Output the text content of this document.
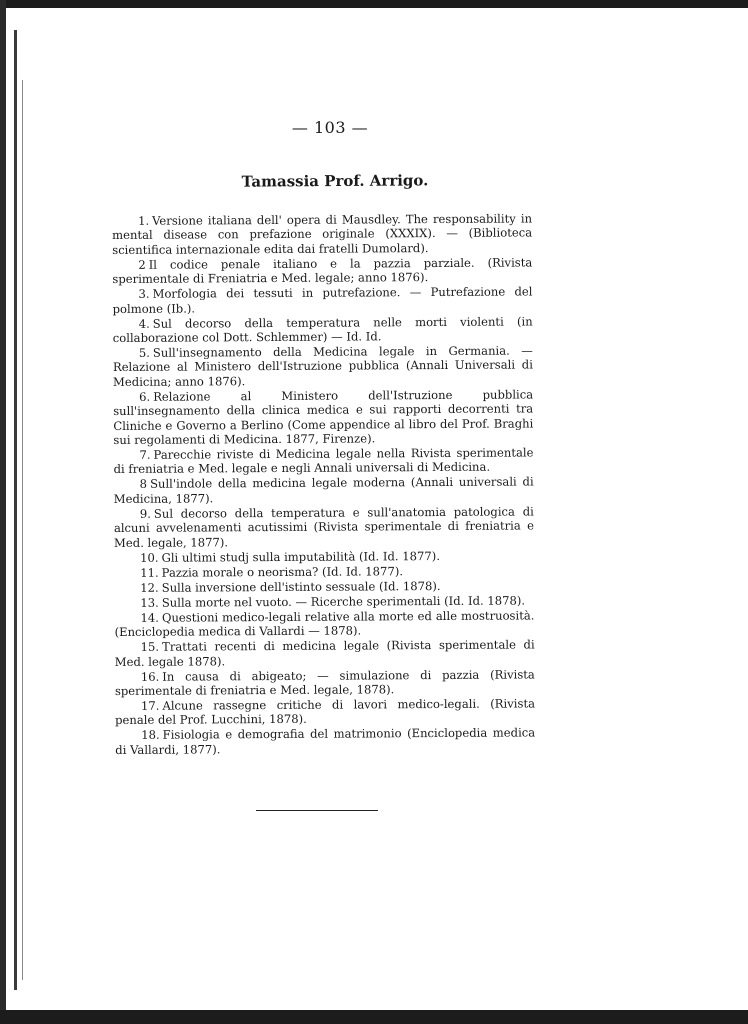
— 103 —
Tamassia Prof. Arrigo.

1. Versione italiana dell' opera di Mausdley. The responsability in mental disease con prefazione originale (XXXIX). — (Biblioteca scientifica internazionale edita dai fratelli Dumolard).

2 Il codice penale italiano e la pazzia parziale. (Rivista sperimentale di Freniatria e Med. legale; anno 1876).

3. Morfologia dei tessuti in putrefazione. — Putrefazione del polmone (Ib.).

4. Sul decorso della temperatura nelle morti violenti (in collaborazione col Dott. Schlemmer) — Id. Id.

5. Sull'insegnamento della Medicina legale in Germania. — Relazione al Ministero dell'Istruzione pubblica (Annali Universali di Medicina; anno 1876).

6. Relazione al Ministero dell'Istruzione pubblica sull'insegnamento della clinica medica e sui rapporti decorrenti tra Cliniche e Governo a Berlino (Come appendice al libro del Prof. Braghi sui regolamenti di Medicina. 1877, Firenze).

7. Parecchie riviste di Medicina legale nella Rivista sperimentale di freniatria e Med. legale e negli Annali universali di Medicina.

8 Sull'indole della medicina legale moderna (Annali universali di Medicina, 1877).

9. Sul decorso della temperatura e sull'anatomia patologica di alcuni avvelenamenti acutissimi (Rivista sperimentale di freniatria e Med. legale, 1877).

10. Gli ultimi studj sulla imputabilità (Id. Id. 1877).

11. Pazzia morale o neorisma? (Id. Id. 1877).

12. Sulla inversione dell'istinto sessuale (Id. 1878).

13. Sulla morte nel vuoto. — Ricerche sperimentali (Id. Id. 1878).

14. Questioni medico-legali relative alla morte ed alle mostruosità. (Enciclopedia medica di Vallardi — 1878).

15. Trattati recenti di medicina legale (Rivista sperimentale di Med. legale 1878).

16. In causa di abigeato; — simulazione di pazzia (Rivista sperimentale di freniatria e Med. legale, 1878).

17. Alcune rassegne critiche di lavori medico-legali. (Rivista penale del Prof. Lucchini, 1878).

18. Fisiologia e demografia del matrimonio (Enciclopedia medica di Vallardi, 1877).
